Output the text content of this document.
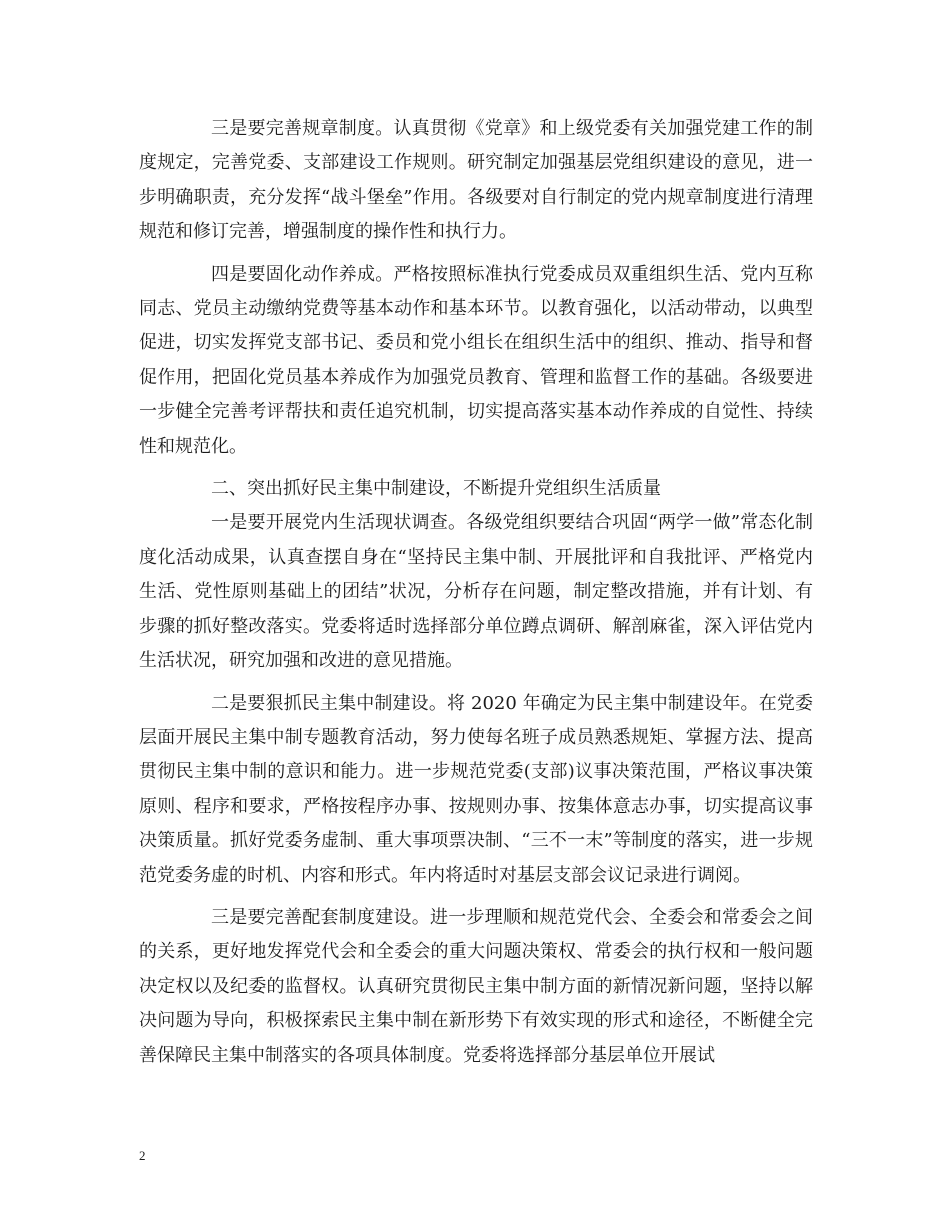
三是要完善规章制度。认真贯彻《党章》和上级党委有关加强党建工作的制度规定，完善党委、支部建设工作规则。研究制定加强基层党组织建设的意见，进一步明确职责，充分发挥“战斗堡垒”作用。各级要对自行制定的党内规章制度进行清理规范和修订完善，增强制度的操作性和执行力。

四是要固化动作养成。严格按照标准执行党委成员双重组织生活、党内互称同志、党员主动缴纳党费等基本动作和基本环节。以教育强化，以活动带动，以典型促进，切实发挥党支部书记、委员和党小组长在组织生活中的组织、推动、指导和督促作用，把固化党员基本养成作为加强党员教育、管理和监督工作的基础。各级要进一步健全完善考评帮扶和责任追究机制，切实提高落实基本动作养成的自觉性、持续性和规范化。

二、突出抓好民主集中制建设，不断提升党组织生活质量

一是要开展党内生活现状调查。各级党组织要结合巩固“两学一做”常态化制度化活动成果，认真查摆自身在“坚持民主集中制、开展批评和自我批评、严格党内生活、党性原则基础上的团结”状况，分析存在问题，制定整改措施，并有计划、有步骤的抓好整改落实。党委将适时选择部分单位蹲点调研、解剖麻雀，深入评估党内生活状况，研究加强和改进的意见措施。

二是要狠抓民主集中制建设。将 2020 年确定为民主集中制建设年。在党委层面开展民主集中制专题教育活动，努力使每名班子成员熟悉规矩、掌握方法、提高贯彻民主集中制的意识和能力。进一步规范党委(支部)议事决策范围，严格议事决策原则、程序和要求，严格按程序办事、按规则办事、按集体意志办事，切实提高议事决策质量。抓好党委务虚制、重大事项票决制、“三不一末”等制度的落实，进一步规范党委务虚的时机、内容和形式。年内将适时对基层支部会议记录进行调阅。

三是要完善配套制度建设。进一步理顺和规范党代会、全委会和常委会之间的关系，更好地发挥党代会和全委会的重大问题决策权、常委会的执行权和一般问题决定权以及纪委的监督权。认真研究贯彻民主集中制方面的新情况新问题，坚持以解决问题为导向，积极探索民主集中制在新形势下有效实现的形式和途径，不断健全完善保障民主集中制落实的各项具体制度。党委将选择部分基层单位开展试

2
